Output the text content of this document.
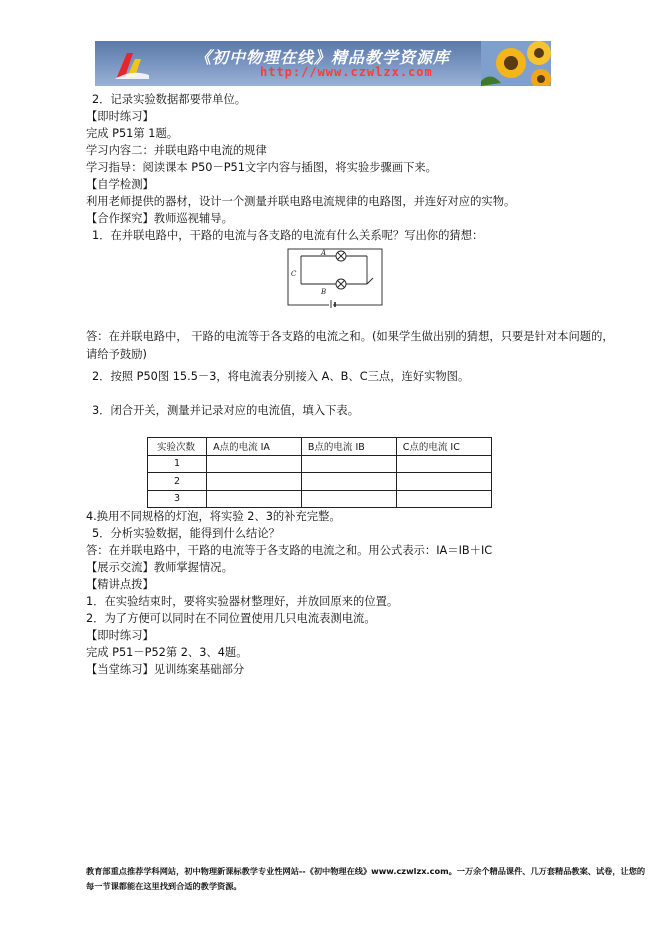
《初中物理在线》精品教学资源库
http://www.czwlzx.com
2．记录实验数据都要带单位。
【即时练习】
完成 P51第 1题。
学习内容二：并联电路中电流的规律
学习指导：阅读课本 P50－P51文字内容与插图，将实验步骤画下来。
【自学检测】
利用老师提供的器材，设计一个测量并联电路电流规律的电路图，并连好对应的实物。
【合作探究】教师巡视辅导。
1．在并联电路中，干路的电流与各支路的电流有什么关系呢？写出你的猜想：
A
B
C
答：在并联电路中， 干路的电流等于各支路的电流之和。(如果学生做出别的猜想，只要是针对本问题的，请给予鼓励)
2．按照 P50图 15.5－3，将电流表分别接入 A、B、C三点，连好实物图。
3．闭合开关，测量并记录对应的电流值，填入下表。
实验次数	A点的电流 IA	B点的电流 IB	C点的电流 IC
1			
2			
3			
4.换用不同规格的灯泡，将实验 2、3的补充完整。
5．分析实验数据，能得到什么结论？
答：在并联电路中，干路的电流等于各支路的电流之和。用公式表示：IA＝IB＋IC
【展示交流】教师掌握情况。
【精讲点拨】
1．在实验结束时，要将实验器材整理好，并放回原来的位置。
2．为了方便可以同时在不同位置使用几只电流表测电流。
【即时练习】
完成 P51－P52第 2、3、4题。
【当堂练习】见训练案基础部分
教育部重点推荐学科网站，初中物理新课标教学专业性网站--《初中物理在线》www.czwlzx.com。一万余个精品课件、几万套精品教案、试卷，让您的每一节课都能在这里找到合适的教学资源。
